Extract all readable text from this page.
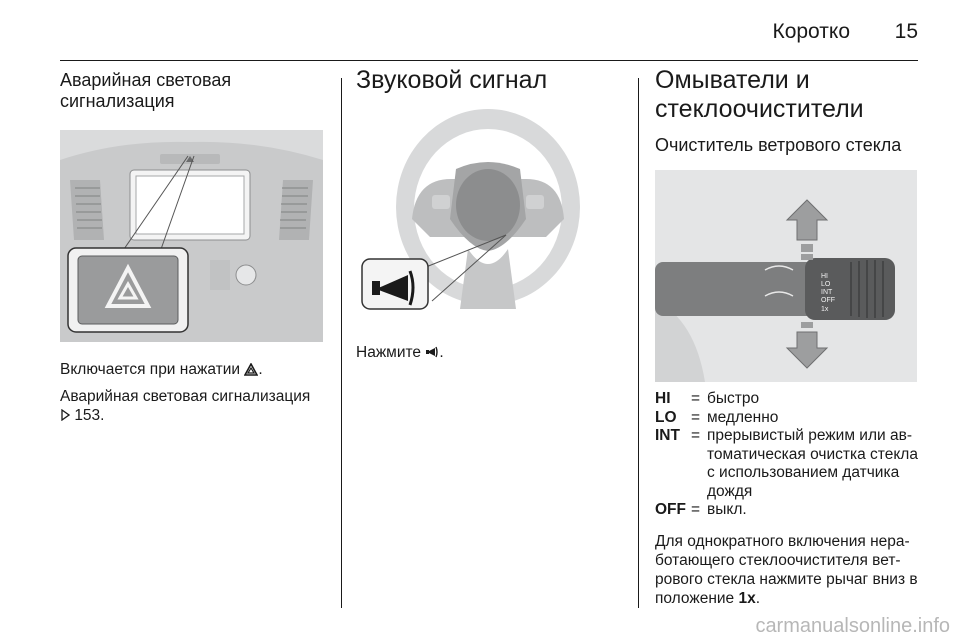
Коротко 15
Аварийная световая сигнализация

Включается при нажатии .

Аварийная световая сигнализация
153.

Звуковой сигнал

Нажмите .

Омыватели и стеклоочистители
Очиститель ветрового стекла
HI
LO
INT
OFF
1x
HI	= быстро
LO = медленно
INT = прерывистый режим или ав-томатическая очистка стекла с использованием датчика дождя
OFF = выкл.

Для однократного включения нера-ботающего стеклоочистителя вет-рового стекла нажмите рычаг вниз в положение 1x.

carmanualsonline.info
